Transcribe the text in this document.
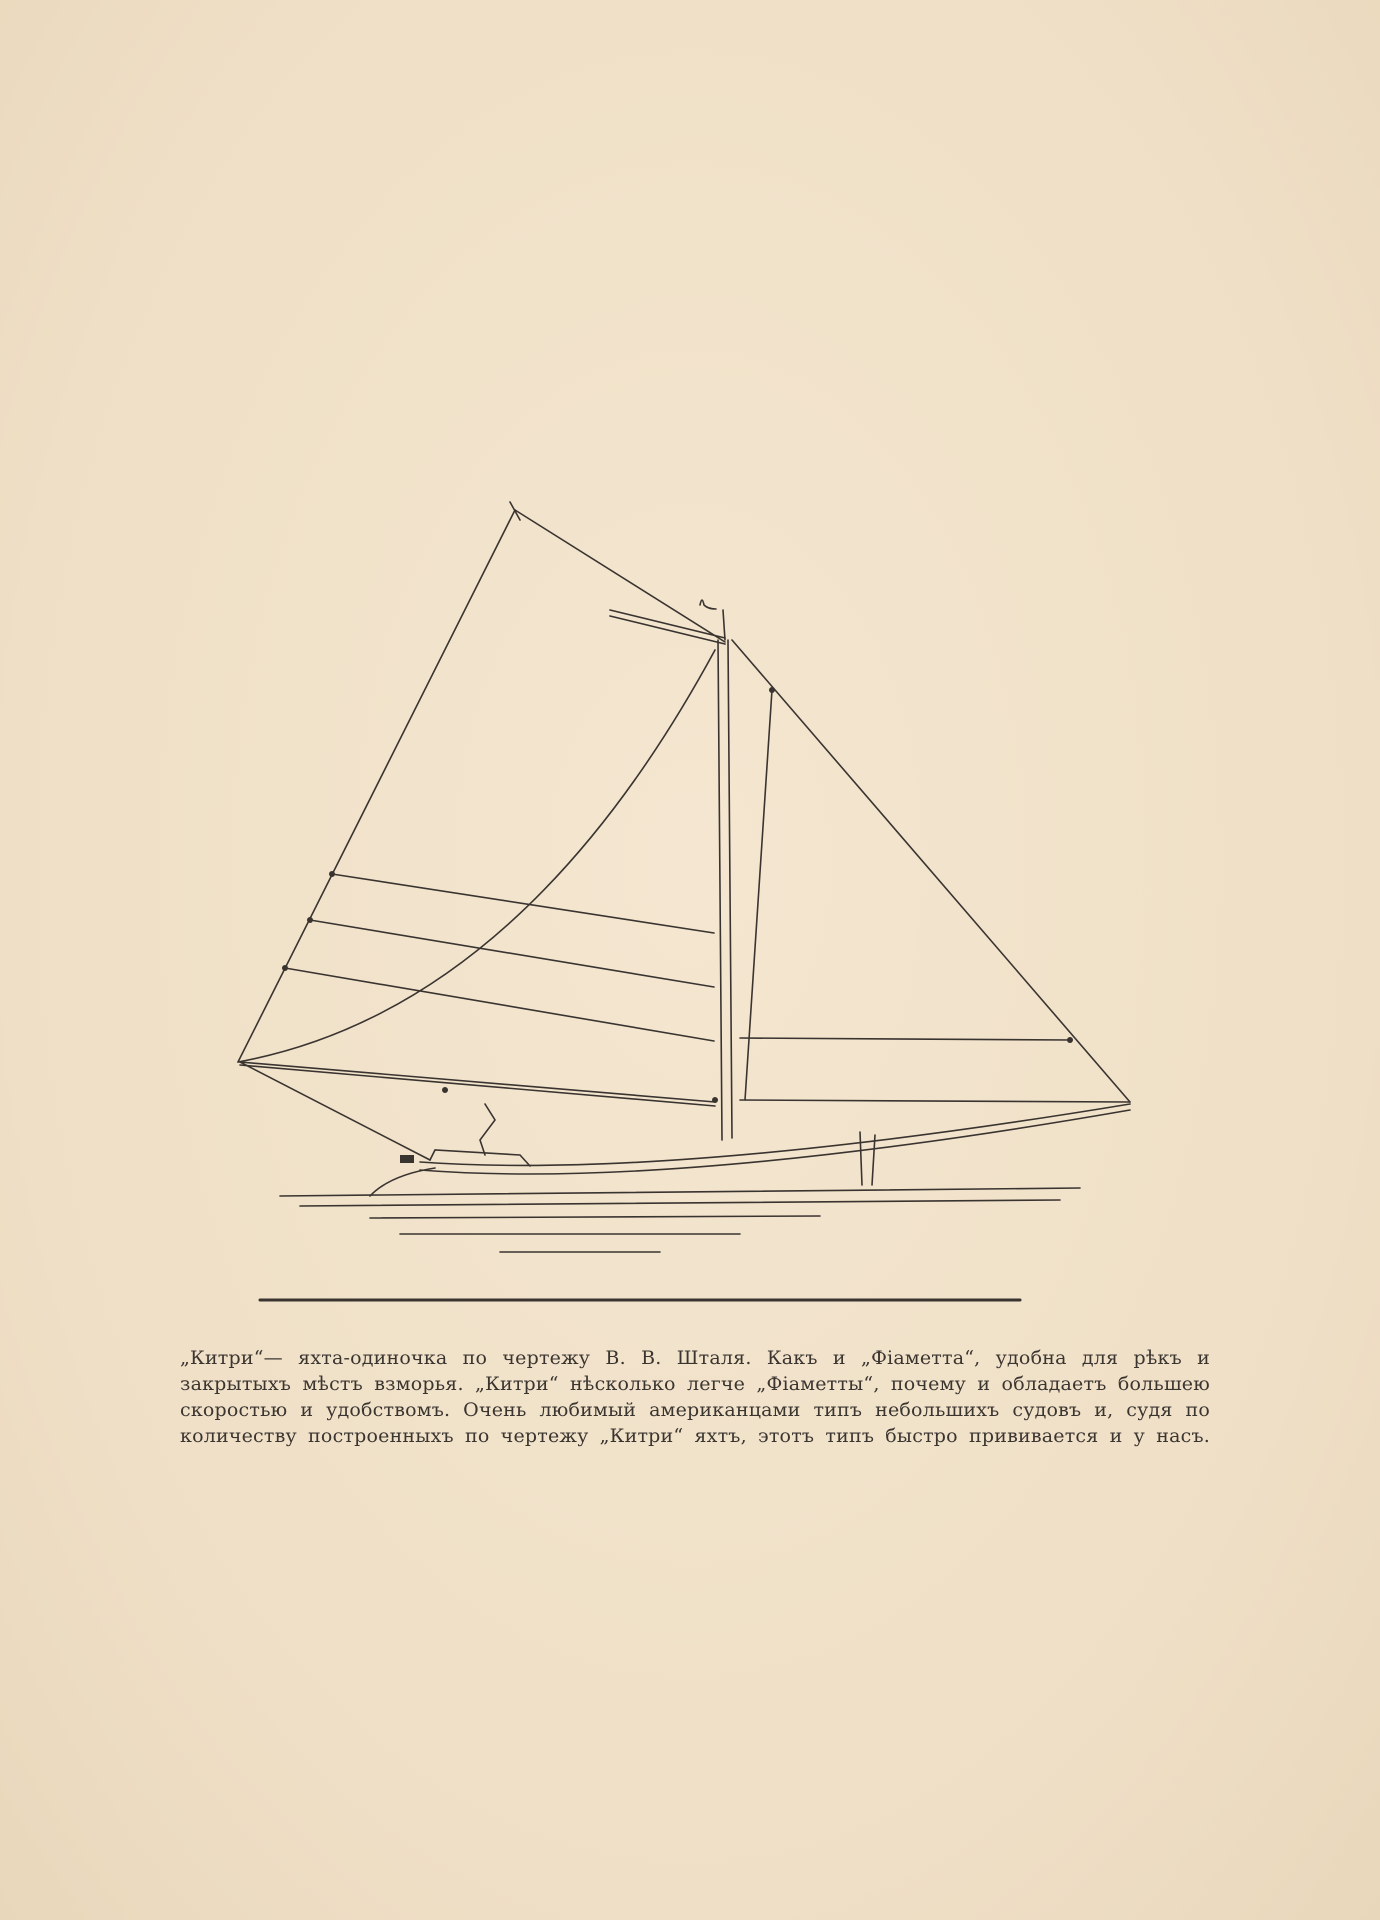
„Китри“— яхта-одиночка по чертежу В. В. Шталя. Какъ и „Фіаметта“, удобна для рѣкъ и
закрытыхъ мѣстъ взморья. „Китри“ нѣсколько легче „Фіаметты“, почему и обладаетъ большею
скоростью и удобствомъ. Очень любимый американцами типъ небольшихъ судовъ и, судя по
количеству построенныхъ по чертежу „Китри“ яхтъ, этотъ типъ быстро прививается и у насъ.
